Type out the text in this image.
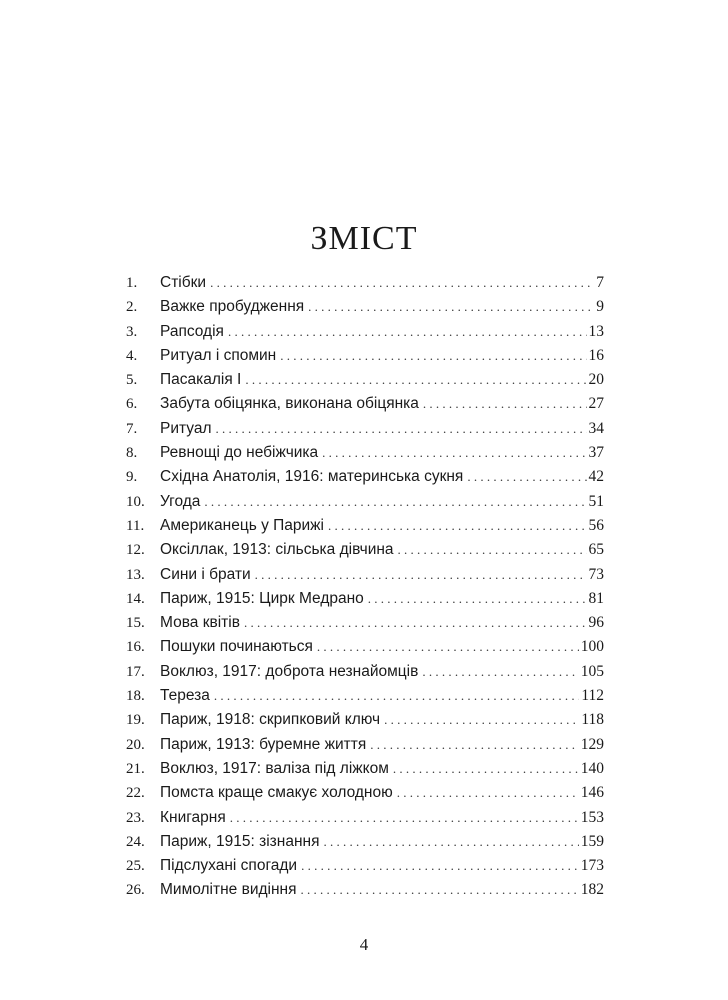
ЗМІСТ
1.	Стібки . . .	7
2.	Важке пробудження . . .	9
3.	Рапсодія . . .	13
4.	Ритуал і спомин . . .	16
5.	Пасакалія І . . .	20
6.	Забута обіцянка, виконана обіцянка . . .	27
7.	Ритуал . . .	34
8.	Ревнощі до небіжчика . . .	37
9.	Східна Анатолія, 1916: материнська сукня . . .	42
10. Угода . . .	51
11.	Американець у Парижі . . .	56
12. Оксіллак, 1913: сільська дівчина . . .	65
13. Сини і брати . . .	73
14. Париж, 1915: Цирк Медрано . . .	81
15. Мова квітів . . .	96
16. Пошуки починаються . . .	100
17. Воклюз, 1917: доброта незнайомців . . .	105
18. Тереза . . .	112
19. Париж, 1918: скрипковий ключ . . .	118
20. Париж, 1913: буремне життя . . .	129
21. Воклюз, 1917: валіза під ліжком . . .	140
22. Помста краще смакує холодною . . .	146
23. Книгарня . . .	153
24. Париж, 1915: зізнання . . .	159
25. Підслухані спогади . . .	173
26. Мимолітне видіння . . .	182
4
